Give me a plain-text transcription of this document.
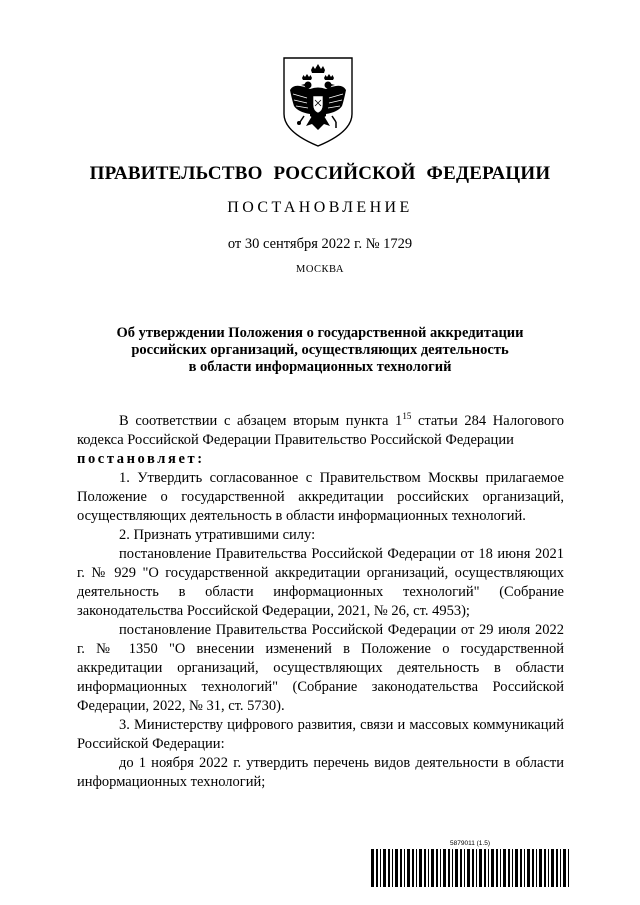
ПРАВИТЕЛЬСТВО РОССИЙСКОЙ ФЕДЕРАЦИИ
ПОСТАНОВЛЕНИЕ
от 30 сентября 2022 г. № 1729
МОСКВА
Об утверждении Положения о государственной аккредитации
российских организаций, осуществляющих деятельность
в области информационных технологий

В соответствии с абзацем вторым пункта $1^{15}$ статьи 284 Налогового кодекса Российской Федерации Правительство Российской Федерации

постановляет:

1. Утвердить согласованное с Правительством Москвы прилагаемое Положение о государственной аккредитации российских организаций, осуществляющих деятельность в области информационных технологий.

2. Признать утратившими силу:

постановление Правительства Российской Федерации от 18 июня 2021 г. № 929 "О государственной аккредитации организаций, осуществляющих деятельность в области информационных технологий" (Собрание законодательства Российской Федерации, 2021, № 26, ст. 4953);

постановление Правительства Российской Федерации от 29 июля 2022 г. № 1350 "О внесении изменений в Положение о государственной аккредитации организаций, осуществляющих деятельность в области информационных технологий" (Собрание законодательства Российской Федерации, 2022, № 31, ст. 5730).

3. Министерству цифрового развития, связи и массовых коммуникаций Российской Федерации:

до 1 ноября 2022 г. утвердить перечень видов деятельности в области информационных технологий;

5879011 (1.5)
